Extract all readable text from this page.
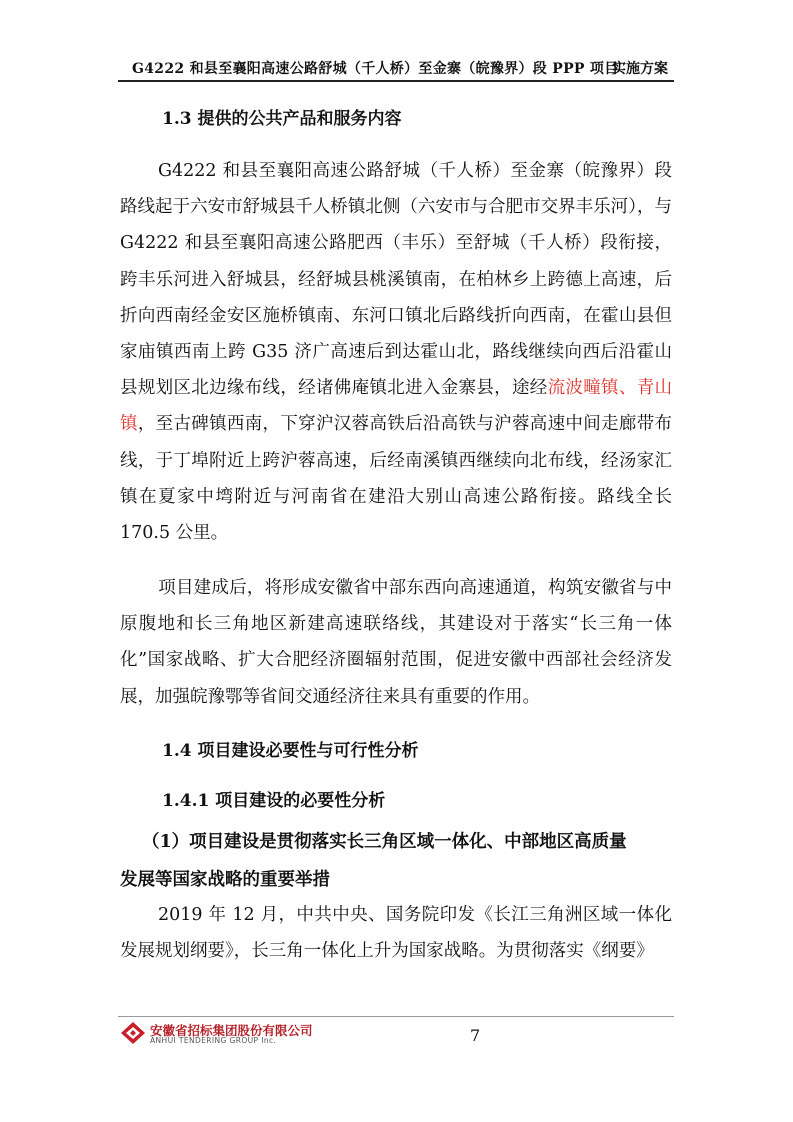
G4222 和县至襄阳高速公路舒城（千人桥）至金寨（皖豫界）段 PPP 项目
实施方案
1.3 提供的公共产品和服务内容

G4222 和县至襄阳高速公路舒城（千人桥）至金寨（皖豫界）段路线起于六安市舒城县千人桥镇北侧（六安市与合肥市交界丰乐河），与 G4222 和县至襄阳高速公路肥西（丰乐）至舒城（千人桥）段衔接，跨丰乐河进入舒城县，经舒城县桃溪镇南，在柏林乡上跨德上高速，后折向西南经金安区施桥镇南、东河口镇北后路线折向西南，在霍山县但家庙镇西南上跨 G35 济广高速后到达霍山北，路线继续向西后沿霍山县规划区北边缘布线，经诸佛庵镇北进入金寨县，途经流波疃镇、青山镇，至古碑镇西南，下穿沪汉蓉高铁后沿高铁与沪蓉高速中间走廊带布线，于丁埠附近上跨沪蓉高速，后经南溪镇西继续向北布线，经汤家汇镇在夏家中塆附近与河南省在建沿大别山高速公路衔接。路线全长 170.5 公里。

项目建成后，将形成安徽省中部东西向高速通道，构筑安徽省与中原腹地和长三角地区新建高速联络线，其建设对于落实“长三角一体化”国家战略、扩大合肥经济圈辐射范围，促进安徽中西部社会经济发展，加强皖豫鄂等省间交通经济往来具有重要的作用。

1.4 项目建设必要性与可行性分析
1.4.1 项目建设的必要性分析
（1）项目建设是贯彻落实长三角区域一体化、中部地区高质量
发展等国家战略的重要举措

2019 年 12 月，中共中央、国务院印发《长江三角洲区域一体化发展规划纲要》，长三角一体化上升为国家战略。为贯彻落实《纲要》

安徽省招标集团股份有限公司
ANHUI TENDERING GROUP Inc.	7
